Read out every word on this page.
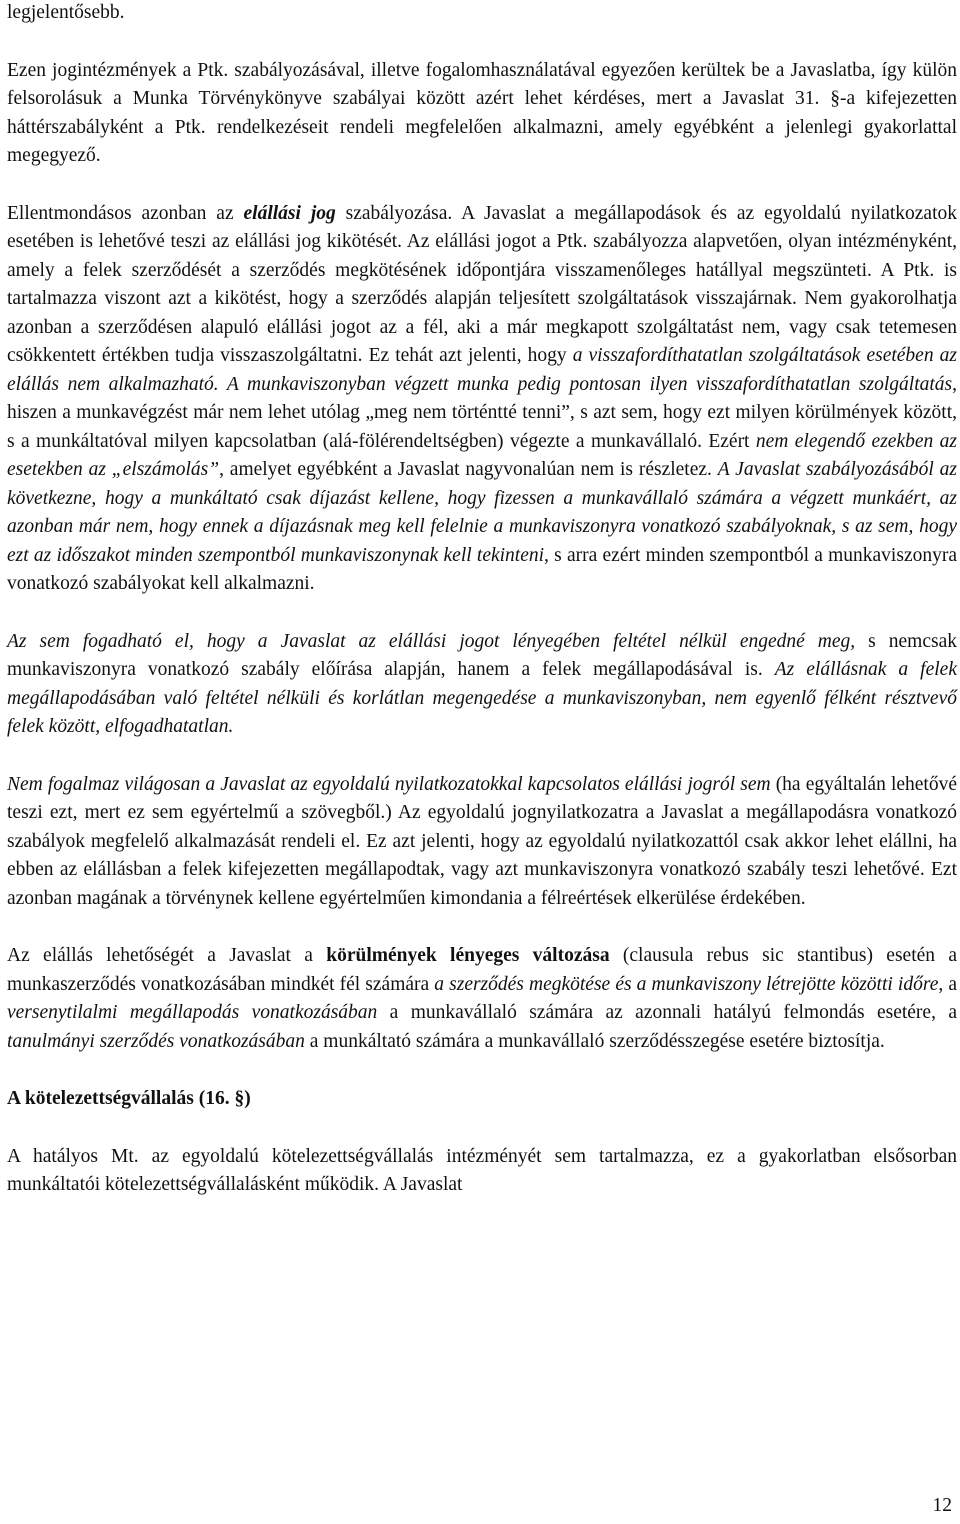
legjelentősebb.

Ezen jogintézmények a Ptk. szabályozásával, illetve fogalomhasználatával egyezően kerültek be a Javaslatba, így külön felsorolásuk a Munka Törvénykönyve szabályai között azért lehet kérdéses, mert a Javaslat 31. §-a kifejezetten háttérszabályként a Ptk. rendelkezéseit rendeli megfelelően alkalmazni, amely egyébként a jelenlegi gyakorlattal megegyező.

Ellentmondásos azonban az elállási jog szabályozása. A Javaslat a megállapodások és az egyoldalú nyilatkozatok esetében is lehetővé teszi az elállási jog kikötését. Az elállási jogot a Ptk. szabályozza alapvetően, olyan intézményként, amely a felek szerződését a szerződés megkötésének időpontjára visszamenőleges hatállyal megszünteti. A Ptk. is tartalmazza viszont azt a kikötést, hogy a szerződés alapján teljesített szolgáltatások visszajárnak. Nem gyakorolhatja azonban a szerződésen alapuló elállási jogot az a fél, aki a már megkapott szolgáltatást nem, vagy csak tetemesen csökkentett értékben tudja visszaszolgáltatni. Ez tehát azt jelenti, hogy a visszafordíthatatlan szolgáltatások esetében az elállás nem alkalmazható. A munkaviszonyban végzett munka pedig pontosan ilyen visszafordíthatatlan szolgáltatás, hiszen a munkavégzést már nem lehet utólag „meg nem történtté tenni”, s azt sem, hogy ezt milyen körülmények között, s a munkáltatóval milyen kapcsolatban (alá-fölérendeltségben) végezte a munkavállaló. Ezért nem elegendő ezekben az esetekben az „elszámolás”, amelyet egyébként a Javaslat nagyvonalúan nem is részletez. A Javaslat szabályozásából az következne, hogy a munkáltató csak díjazást kellene, hogy fizessen a munkavállaló számára a végzett munkáért, az azonban már nem, hogy ennek a díjazásnak meg kell felelnie a munkaviszonyra vonatkozó szabályoknak, s az sem, hogy ezt az időszakot minden szempontból munkaviszonynak kell tekinteni, s arra ezért minden szempontból a munkaviszonyra vonatkozó szabályokat kell alkalmazni.

Az sem fogadható el, hogy a Javaslat az elállási jogot lényegében feltétel nélkül engedné meg, s nemcsak munkaviszonyra vonatkozó szabály előírása alapján, hanem a felek megállapodásával is. Az elállásnak a felek megállapodásában való feltétel nélküli és korlátlan megengedése a munkaviszonyban, nem egyenlő félként résztvevő felek között, elfogadhatatlan.

Nem fogalmaz világosan a Javaslat az egyoldalú nyilatkozatokkal kapcsolatos elállási jogról sem (ha egyáltalán lehetővé teszi ezt, mert ez sem egyértelmű a szövegből.) Az egyoldalú jognyilatkozatra a Javaslat a megállapodásra vonatkozó szabályok megfelelő alkalmazását rendeli el. Ez azt jelenti, hogy az egyoldalú nyilatkozattól csak akkor lehet elállni, ha ebben az elállásban a felek kifejezetten megállapodtak, vagy azt munkaviszonyra vonatkozó szabály teszi lehetővé. Ezt azonban magának a törvénynek kellene egyértelműen kimondania a félreértések elkerülése érdekében.

Az elállás lehetőségét a Javaslat a körülmények lényeges változása (clausula rebus sic stantibus) esetén a munkaszerződés vonatkozásában mindkét fél számára a szerződés megkötése és a munkaviszony létrejötte közötti időre, a versenytilalmi megállapodás vonatkozásában a munkavállaló számára az azonnali hatályú felmondás esetére, a tanulmányi szerződés vonatkozásában a munkáltató számára a munkavállaló szerződésszegése esetére biztosítja.

A kötelezettségvállalás (16. §)

A hatályos Mt. az egyoldalú kötelezettségvállalás intézményét sem tartalmazza, ez a gyakorlatban elsősorban munkáltatói kötelezettségvállalásként működik. A Javaslat

12
